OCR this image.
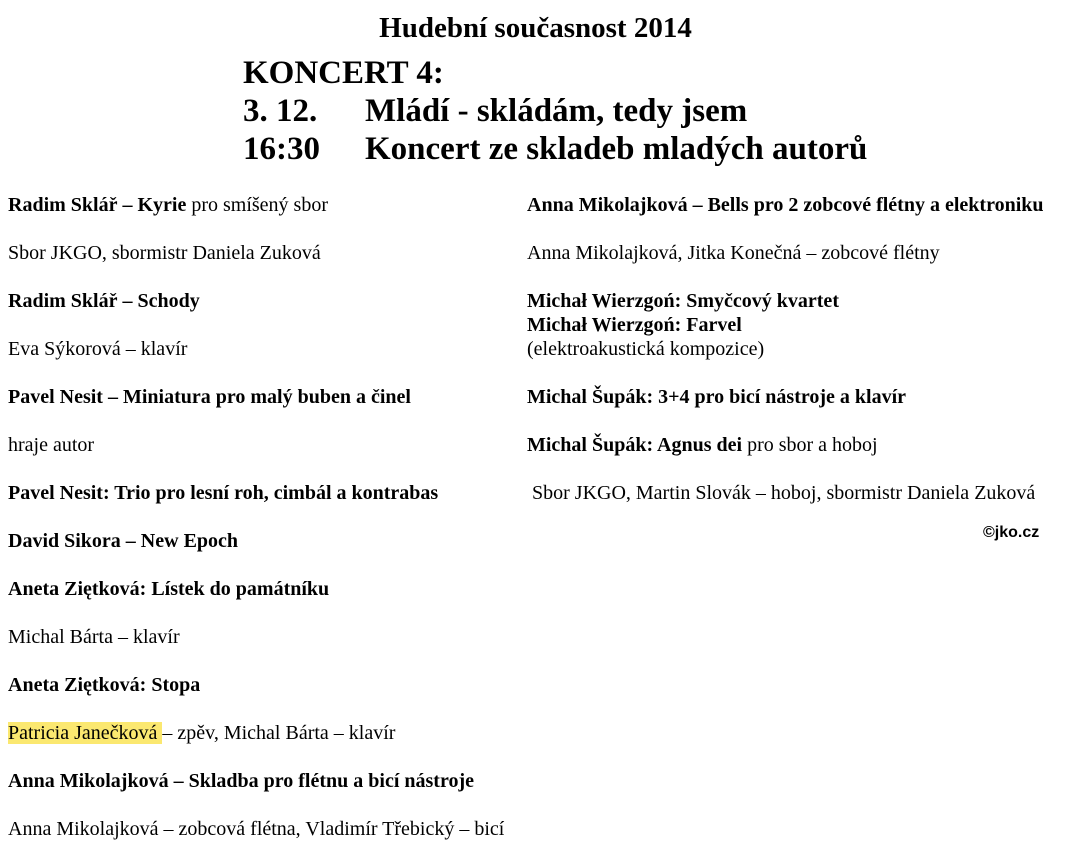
Hudební současnost 2014
KONCERT 4:
3. 12. Mládí - skládám, tedy jsem
16:30 Koncert ze skladeb mladých autorů

Radim Sklář – Kyrie pro smíšený sbor

Sbor JKGO, sbormistr Daniela Zuková

Radim Sklář – Schody

Eva Sýkorová – klavír

Pavel Nesit – Miniatura pro malý buben a činel

hraje autor

Pavel Nesit: Trio pro lesní roh, cimbál a kontrabas

David Sikora – New Epoch

Aneta Ziętková: Lístek do památníku

Michal Bárta – klavír

Aneta Ziętková: Stopa

Patricia Janečková – zpěv, Michal Bárta – klavír

Anna Mikolajková – Skladba pro flétnu a bicí nástroje

Anna Mikolajková – zobcová flétna, Vladimír Třebický – bicí

Anna Mikolajková – Bells pro 2 zobcové flétny a elektroniku

Anna Mikolajková, Jitka Konečná – zobcové flétny

Michał Wierzgoń: Smyčcový kvartet
Michał Wierzgoń: Farvel
(elektroakustická kompozice)

Michal Šupák: 3+4 pro bicí nástroje a klavír

Michal Šupák: Agnus dei pro sbor a hoboj

Sbor JKGO, Martin Slovák – hoboj, sbormistr Daniela Zuková

©jko.cz
